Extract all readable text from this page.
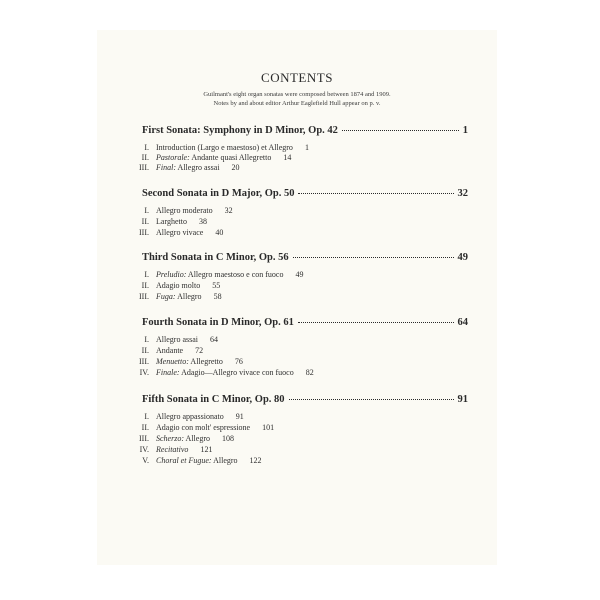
CONTENTS
Guilmant's eight organ sonatas were composed between 1874 and 1909.
Notes by and about editor Arthur Eaglefield Hull appear on p. v.
First Sonata: Symphony in D Minor, Op. 42	1
I. Introduction (Largo e maestoso) et Allegro 1
II. Pastorale: Andante quasi Allegretto 14
III. Final: Allegro assai 20
Second Sonata in D Major, Op. 50	32
I. Allegro moderato 32
II. Larghetto 38
III. Allegro vivace 40
Third Sonata in C Minor, Op. 56	49
I. Preludio: Allegro maestoso e con fuoco 49
II. Adagio molto 55
III. Fuga: Allegro 58
Fourth Sonata in D Minor, Op. 61	64
I. Allegro assai 64
II. Andante 72
III. Menuetto: Allegretto 76
IV. Finale: Adagio—Allegro vivace con fuoco 82
Fifth Sonata in C Minor, Op. 80	91
I. Allegro appassionato 91
II. Adagio con molt' espressione 101
III. Scherzo: Allegro 108
IV. Recitativo 121
V. Choral et Fugue: Allegro 122
